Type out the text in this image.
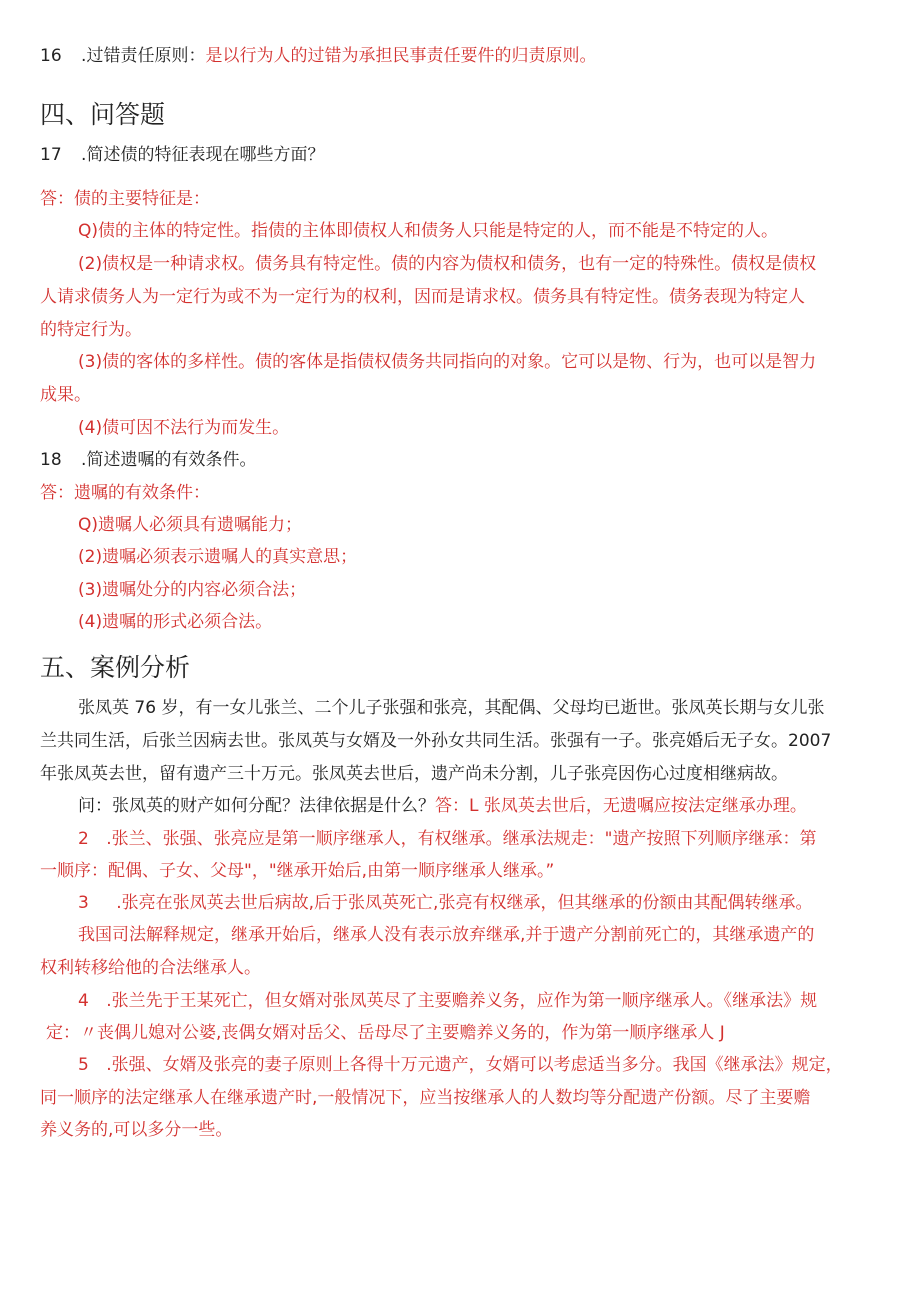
16 .过错责任原则：是以行为人的过错为承担民事责任要件的归责原则。
四、问答题
17 .简述债的特征表现在哪些方面？
答：债的主要特征是：
Q)债的主体的特定性。指债的主体即债权人和债务人只能是特定的人，而不能是不特定的人。
(2)债权是一种请求权。债务具有特定性。债的内容为债权和债务，也有一定的特殊性。债权是债权
人请求债务人为一定行为或不为一定行为的权利，因而是请求权。债务具有特定性。债务表现为特定人
的特定行为。
(3)债的客体的多样性。债的客体是指债权债务共同指向的对象。它可以是物、行为，也可以是智力
成果。
(4)债可因不法行为而发生。
18 .简述遗嘱的有效条件。
答：遗嘱的有效条件：
Q)遗嘱人必须具有遗嘱能力；
(2)遗嘱必须表示遗嘱人的真实意思；
(3)遗嘱处分的内容必须合法；
(4)遗嘱的形式必须合法。
五、案例分析
张凤英 76 岁，有一女儿张兰、二个儿子张强和张亮，其配偶、父母均已逝世。张凤英长期与女儿张
兰共同生活，后张兰因病去世。张凤英与女婿及一外孙女共同生活。张强有一子。张亮婚后无子女。2007
年张凤英去世，留有遗产三十万元。张凤英去世后，遗产尚未分割，儿子张亮因伤心过度相继病故。
问：张凤英的财产如何分配？法律依据是什么？答：L 张凤英去世后，无遗嘱应按法定继承办理。
2 .张兰、张强、张亮应是第一顺序继承人，有权继承。继承法规走："遗产按照下列顺序继承：第
一顺序：配偶、子女、父母"，"继承开始后,由第一顺序继承人继承。”
3 .张亮在张凤英去世后病故,后于张凤英死亡,张亮有权继承，但其继承的份额由其配偶转继承。
我国司法解释规定，继承开始后，继承人没有表示放弃继承,并于遗产分割前死亡的，其继承遗产的
权利转移给他的合法继承人。
4 .张兰先于王某死亡，但女婿对张凤英尽了主要赡养义务，应作为第一顺序继承人。《继承法》规
定：〃丧偶儿媳对公婆,丧偶女婿对岳父、岳母尽了主要赡养义务的，作为第一顺序继承人 J
5 .张强、女婿及张亮的妻子原则上各得十万元遗产，女婿可以考虑适当多分。我国《继承法》规定，
同一顺序的法定继承人在继承遗产时,一般情况下，应当按继承人的人数均等分配遗产份额。尽了主要赡
养义务的,可以多分一些。
